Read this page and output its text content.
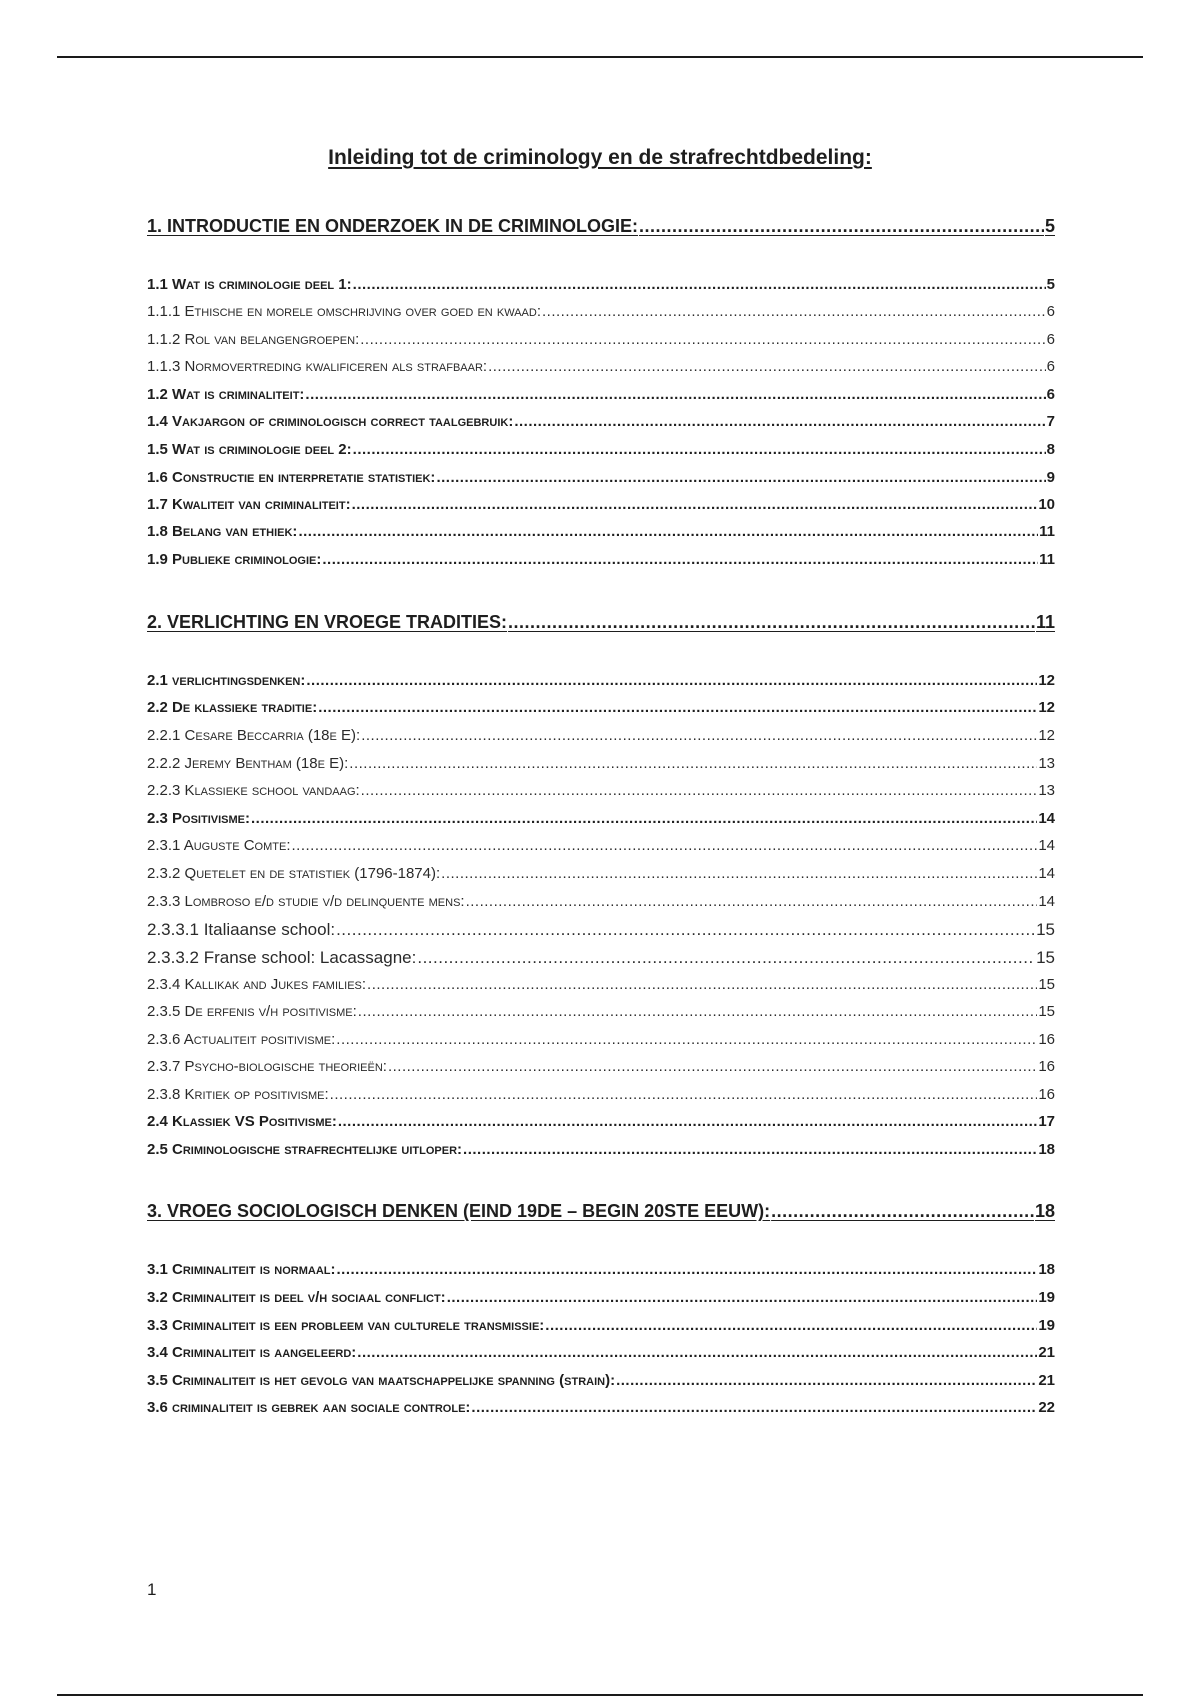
Inleiding tot de criminology en de strafrechtdbedeling:
1. INTRODUCTIE EN ONDERZOEK IN DE CRIMINOLOGIE: .....	5
1.1 Wat is criminologie deel 1: .....	5
1.1.1 Ethische en morele omschrijving over goed en kwaad: .....	6
1.1.2 Rol van belangengroepen: .....	6
1.1.3 Normovertreding kwalificeren als strafbaar: .....	6
1.2 Wat is criminaliteit: .....	6
1.4 Vakjargon of criminologisch correct taalgebruik: .....	7
1.5 Wat is criminologie deel 2: .....	8
1.6 Constructie en interpretatie statistiek: .....	9
1.7 Kwaliteit van criminaliteit: .....	10
1.8 Belang van ethiek: .....	11
1.9 Publieke criminologie: .....	11
2. VERLICHTING EN VROEGE TRADITIES: .....	11
2.1 verlichtingsdenken: .....	12
2.2 De klassieke traditie: .....	12
2.2.1 Cesare Beccarria (18e E): .....	12
2.2.2 Jeremy Bentham (18e E): .....	13
2.2.3 Klassieke school vandaag: .....	13
2.3 Positivisme: .....	14
2.3.1 Auguste Comte: .....	14
2.3.2 Quetelet en de statistiek (1796-1874): .....	14
2.3.3 Lombroso e/d studie v/d delinquente mens: .....	14
2.3.3.1 Italiaanse school: .....	15
2.3.3.2 Franse school: Lacassagne: .....	15
2.3.4 Kallikak and Jukes families: .....	15
2.3.5 De erfenis v/h positivisme: .....	15
2.3.6 Actualiteit positivisme: .....	16
2.3.7 Psycho-biologische theorieën: .....	16
2.3.8 Kritiek op positivisme: .....	16
2.4 Klassiek VS Positivisme: .....	17
2.5 Criminologische strafrechtelijke uitloper: .....	18
3. VROEG SOCIOLOGISCH DENKEN (EIND 19DE – BEGIN 20STE EEUW): .....	18
3.1 Criminaliteit is normaal: .....	18
3.2 Criminaliteit is deel v/h sociaal conflict: .....	19
3.3 Criminaliteit is een probleem van culturele transmissie: .....	19
3.4 Criminaliteit is aangeleerd: .....	21
3.5 Criminaliteit is het gevolg van maatschappelijke spanning (strain): .....	21
3.6 criminaliteit is gebrek aan sociale controle: .....	22
1
